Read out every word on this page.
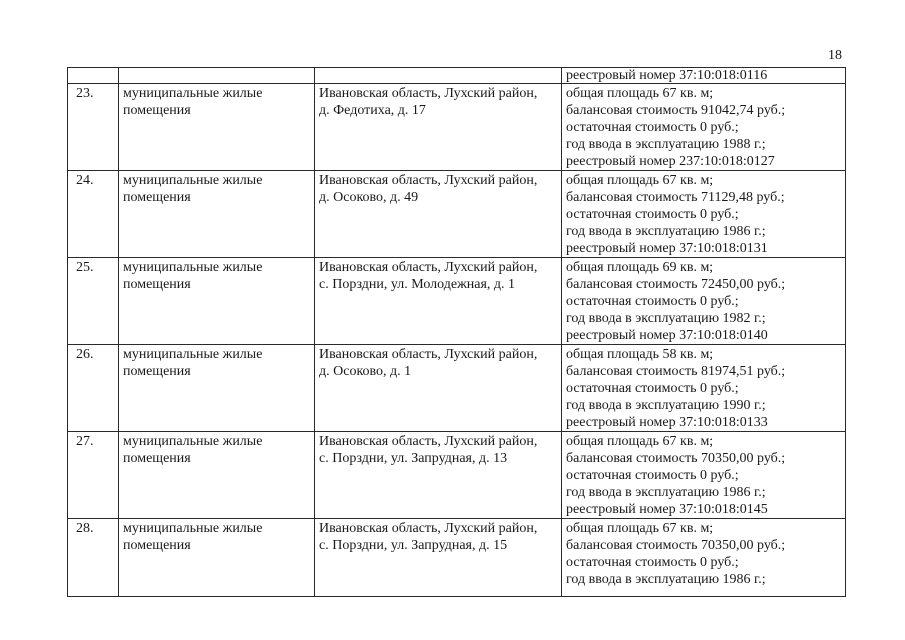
18

			реестровый номер 37:10:018:0116

23.	муниципальные жилые
помещения	Ивановская область, Лухский район,
д. Федотиха, д. 17	общая площадь 67 кв. м;
балансовая стоимость 91042,74 руб.;
остаточная стоимость 0 руб.;
год ввода в эксплуатацию 1988 г.;
реестровый номер 237:10:018:0127

24.	муниципальные жилые
помещения	Ивановская область, Лухский район,
д. Осоково, д. 49	общая площадь 67 кв. м;
балансовая стоимость 71129,48 руб.;
остаточная стоимость 0 руб.;
год ввода в эксплуатацию 1986 г.;
реестровый номер 37:10:018:0131

25.	муниципальные жилые
помещения	Ивановская область, Лухский район,
с. Порздни, ул. Молодежная, д. 1	общая площадь 69 кв. м;
балансовая стоимость 72450,00 руб.;
остаточная стоимость 0 руб.;
год ввода в эксплуатацию 1982 г.;
реестровый номер 37:10:018:0140

26.	муниципальные жилые
помещения	Ивановская область, Лухский район,
д. Осоково, д. 1	общая площадь 58 кв. м;
балансовая стоимость 81974,51 руб.;
остаточная стоимость 0 руб.;
год ввода в эксплуатацию 1990 г.;
реестровый номер 37:10:018:0133

27.	муниципальные жилые
помещения	Ивановская область, Лухский район,
с. Порздни, ул. Запрудная, д. 13	общая площадь 67 кв. м;
балансовая стоимость 70350,00 руб.;
остаточная стоимость 0 руб.;
год ввода в эксплуатацию 1986 г.;
реестровый номер 37:10:018:0145

28.	муниципальные жилые
помещения	Ивановская область, Лухский район,
с. Порздни, ул. Запрудная, д. 15	общая площадь 67 кв. м;
балансовая стоимость 70350,00 руб.;
остаточная стоимость 0 руб.;
год ввода в эксплуатацию 1986 г.;
